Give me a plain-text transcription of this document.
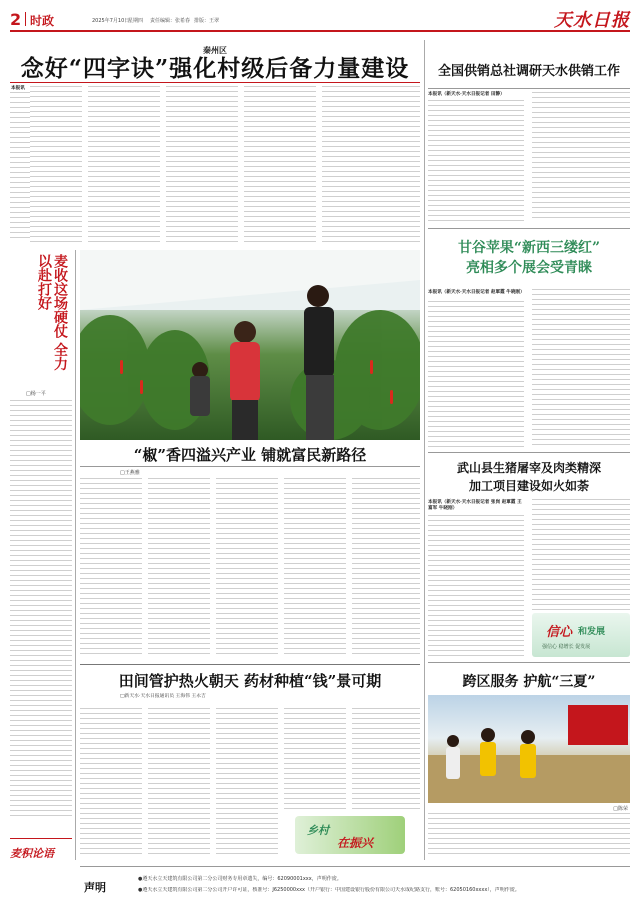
2 时政	2025年7月10日
星期四 责任编辑：张希春 排版：王翠	天水日报
秦州区
念好“四字诀”强化村级后备力量建设
本报讯
麦收这场硬仗 全力以赴打好
□杨一平
麦积论语
“椒”香四溢兴产业 铺就富民新路径
□王燕雅
田间管护热火朝天 药材种植“钱”景可期
□新天水·天水日报通讯员 王海伟 王永吉
乡村
在振兴
全国供销总社调研天水供销工作
本报讯（新天水·天水日报记者 田静）
甘谷苹果“新西三缕红”
亮相多个展会受青睐
本报讯（新天水·天水日报记者 赵軍霞 牛晓刚）
武山县生猪屠宰及肉类精深
加工项目建设如火如荼
本报讯（新天水·天水日报记者 张岗 赵軍霞 王富军 牛晓刚）
信心 和发展
强信心 稳增长 促发展
跨区服务 护航“三夏”
□陈荣
声明
●遵天水立天建筑有限公司第二分公司财务专用章遗失，编号：62090001xxx，声明作废。
●遵天水立天建筑有限公司第二分公司开户许可证，核准号：J6250000xxx（开户银行：中国建设银行股份有限公司天水成纪路支行，账号：62050160xxxx），声明作废。
